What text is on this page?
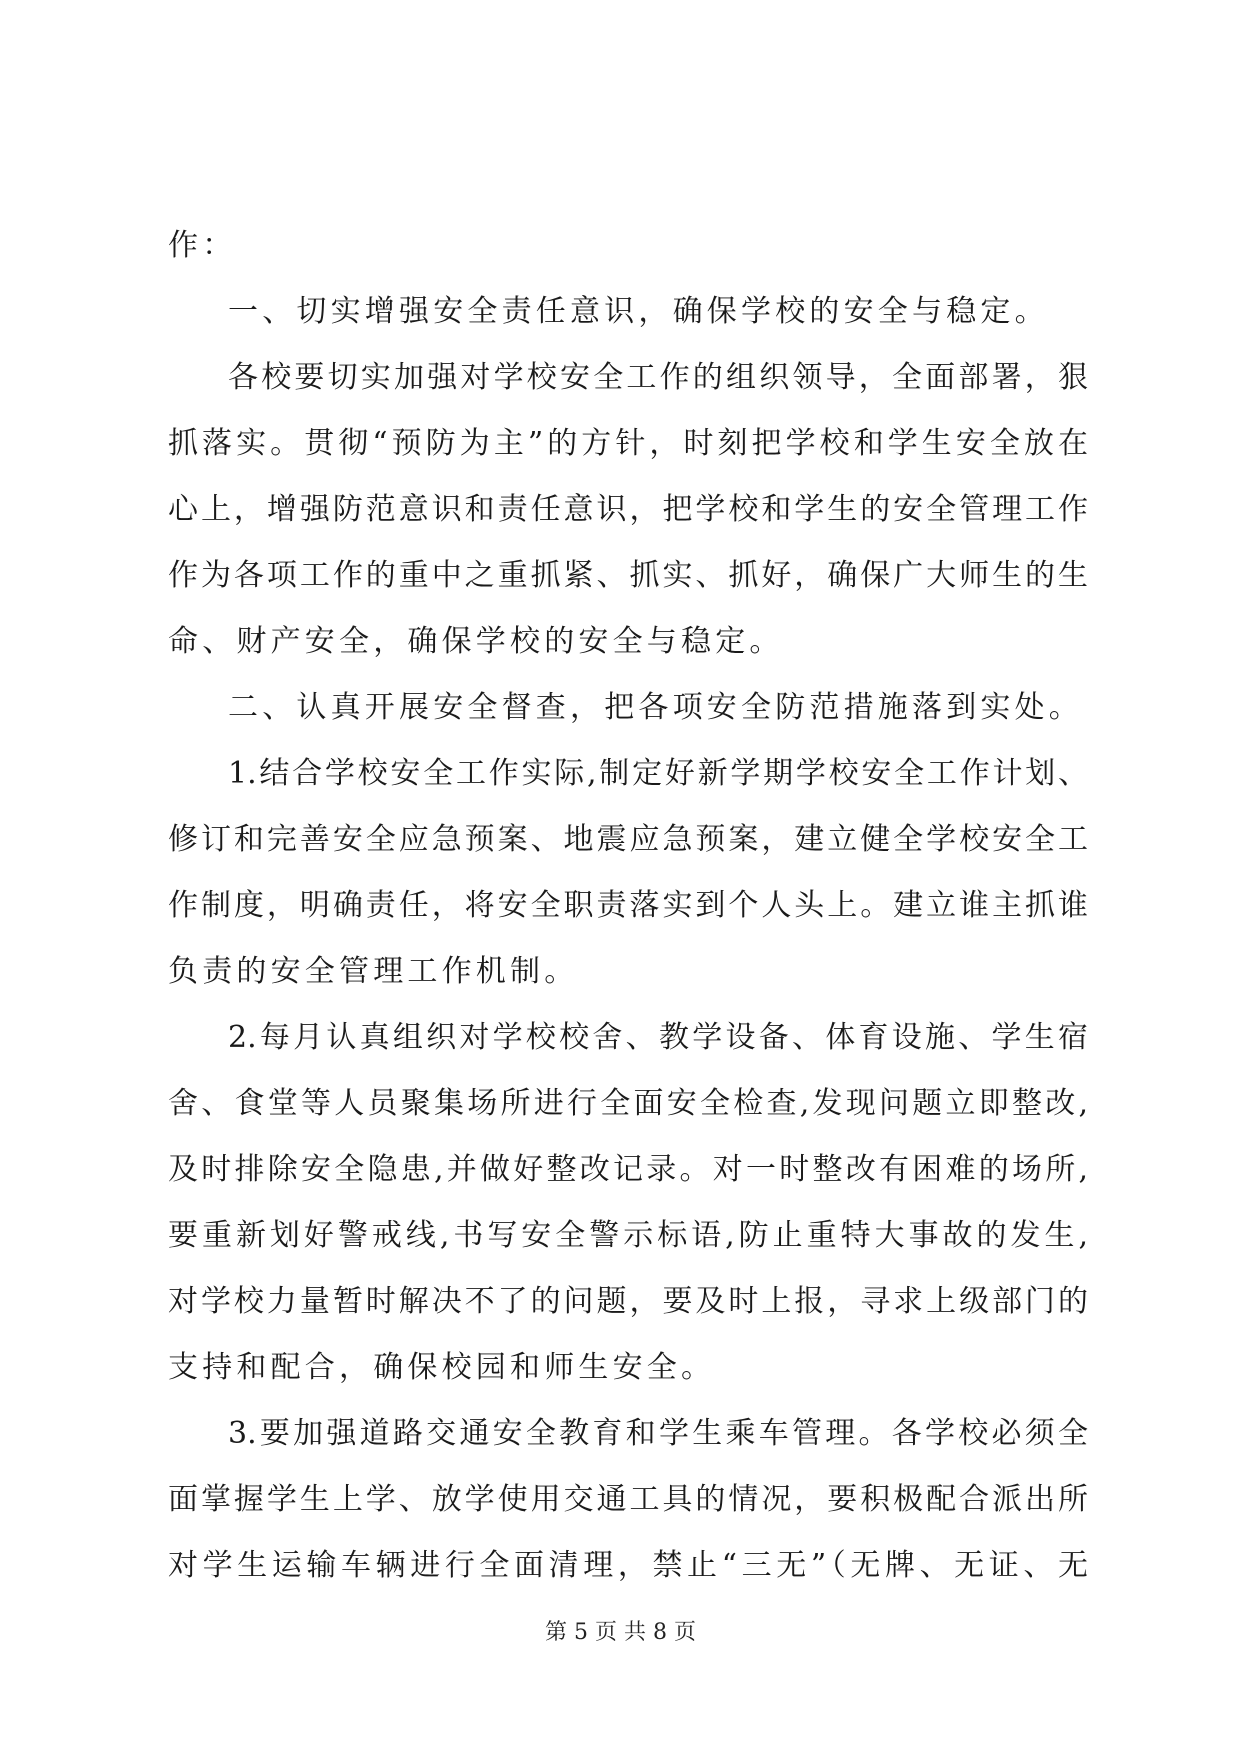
作：
一、切实增强安全责任意识，确保学校的安全与稳定。
各校要切实加强对学校安全工作的组织领导，全面部署，狠
抓落实。贯彻“预防为主”的方针，时刻把学校和学生安全放在
心上，增强防范意识和责任意识，把学校和学生的安全管理工作
作为各项工作的重中之重抓紧、抓实、抓好，确保广大师生的生
命、财产安全，确保学校的安全与稳定。
二、认真开展安全督查，把各项安全防范措施落到实处。
1.结合学校安全工作实际,制定好新学期学校安全工作计划、
修订和完善安全应急预案、地震应急预案，建立健全学校安全工
作制度，明确责任，将安全职责落实到个人头上。建立谁主抓谁
负责的安全管理工作机制。
2.每月认真组织对学校校舍、教学设备、体育设施、学生宿
舍、食堂等人员聚集场所进行全面安全检查,发现问题立即整改,
及时排除安全隐患,并做好整改记录。对一时整改有困难的场所,
要重新划好警戒线,书写安全警示标语,防止重特大事故的发生,
对学校力量暂时解决不了的问题，要及时上报，寻求上级部门的
支持和配合，确保校园和师生安全。
3.要加强道路交通安全教育和学生乘车管理。各学校必须全
面掌握学生上学、放学使用交通工具的情况，要积极配合派出所
对学生运输车辆进行全面清理，禁止“三无”（无牌、无证、无
第 5 页 共 8 页
